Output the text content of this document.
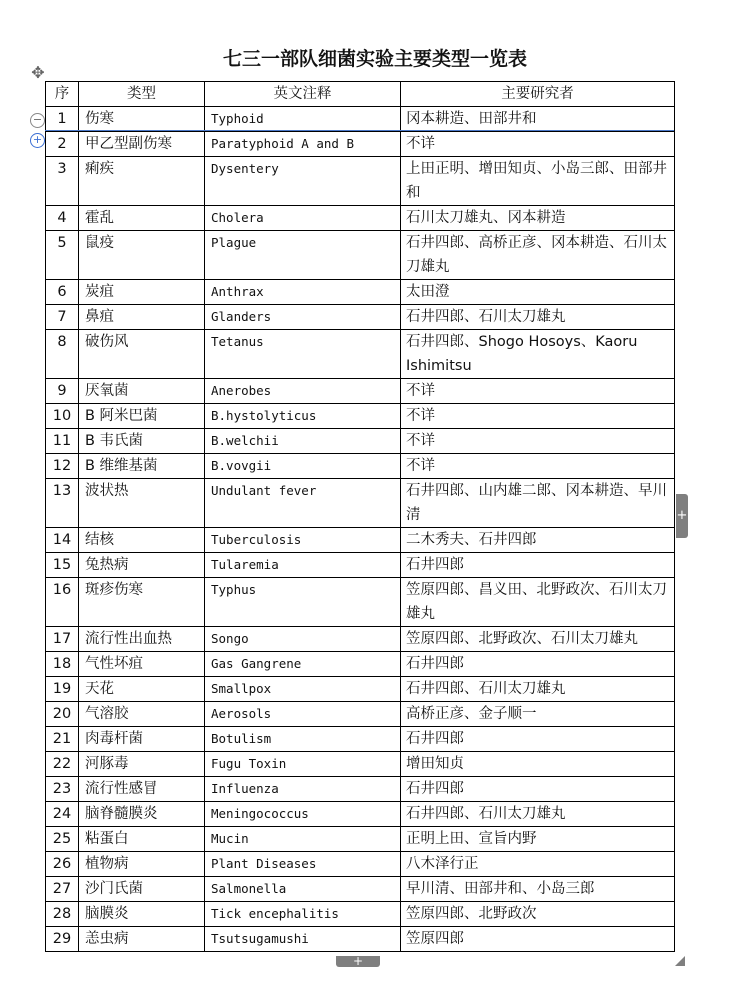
七三一部队细菌实验主要类型一览表
✥
序	类型	英文注释	主要研究者
1	伤寒	Typhoid	冈本耕造、田部井和
2	甲乙型副伤寒	Paratyphoid A and B	不详
3	痢疾	Dysentery	上田正明、增田知贞、小岛三郎、田部井和
4	霍乱	Cholera	石川太刀雄丸、冈本耕造
5	鼠疫	Plague	石井四郎、高桥正彦、冈本耕造、石川太刀雄丸
6	炭疽	Anthrax	太田澄
7	鼻疽	Glanders	石井四郎、石川太刀雄丸
8	破伤风	Tetanus	石井四郎、Shogo Hosoys、Kaoru Ishimitsu
9	厌氧菌	Anerobes	不详
10	B 阿米巴菌	B.hystolyticus	不详
11	B 韦氏菌	B.welchii	不详
12	B 维维基菌	B.vovgii	不详
13	波状热	Undulant fever	石井四郎、山内雄二郎、冈本耕造、早川清
14	结核	Tuberculosis	二木秀夫、石井四郎
15	兔热病	Tularemia	石井四郎
16	斑疹伤寒	Typhus	笠原四郎、昌义田、北野政次、石川太刀雄丸
17	流行性出血热	Songo	笠原四郎、北野政次、石川太刀雄丸
18	气性坏疽	Gas Gangrene	石井四郎
19	天花	Smallpox	石井四郎、石川太刀雄丸
20	气溶胶	Aerosols	高桥正彦、金子顺一
21	肉毒杆菌	Botulism	石井四郎
22	河豚毒	Fugu Toxin	增田知贞
23	流行性感冒	Influenza	石井四郎
24	脑脊髓膜炎	Meningococcus	石井四郎、石川太刀雄丸
25	粘蛋白	Mucin	正明上田、宣旨内野
26	植物病	Plant Diseases	八木泽行正
27	沙门氏菌	Salmonella	早川清、田部井和、小岛三郎
28	脑膜炎	Tick encephalitis	笠原四郎、北野政次
29	恙虫病	Tsutsugamushi	笠原四郎
−
+
+
+
